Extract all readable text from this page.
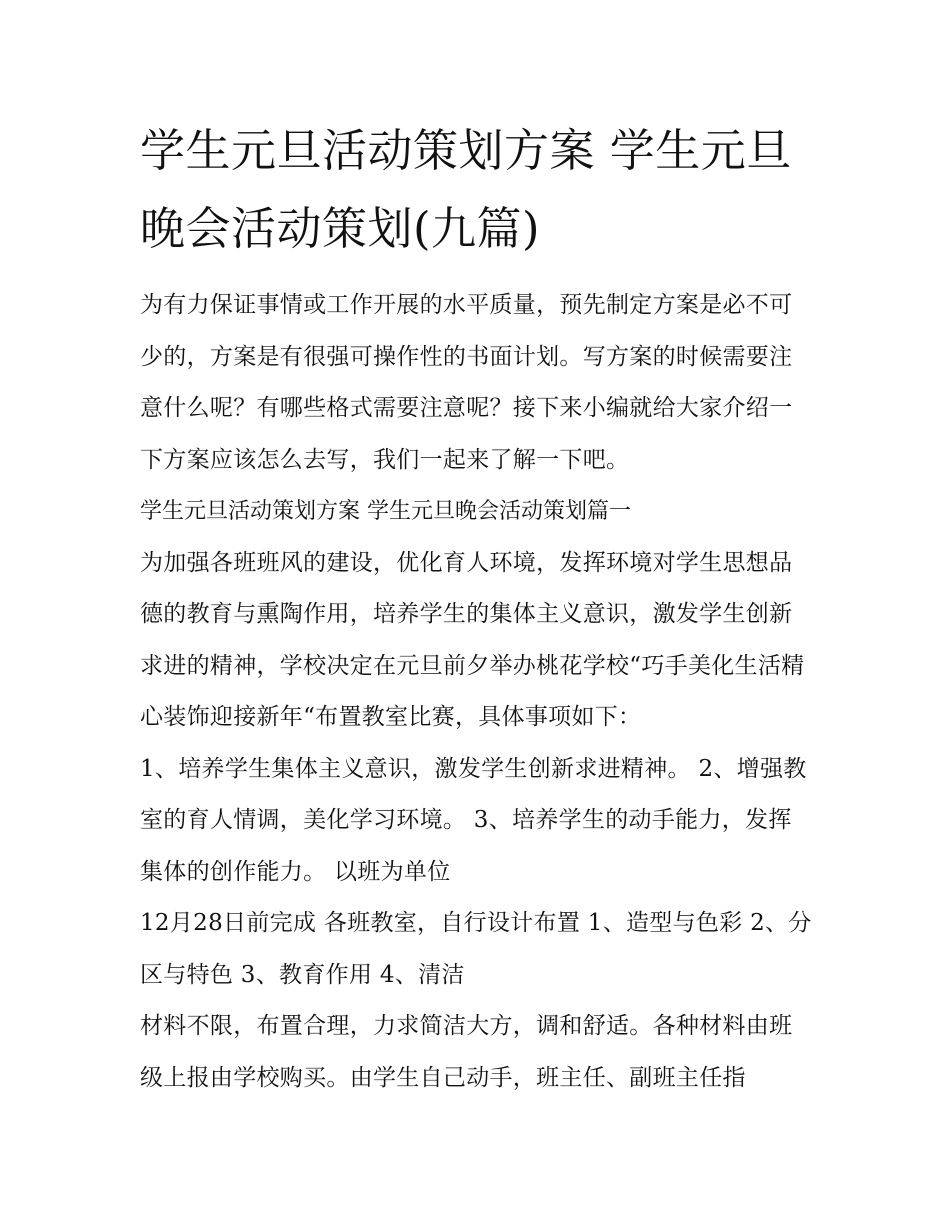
学生元旦活动策划方案 学生元旦晚会活动策划(九篇)

为有力保证事情或工作开展的水平质量，预先制定方案是必不可少的，方案是有很强可操作性的书面计划。写方案的时候需要注意什么呢？有哪些格式需要注意呢？接下来小编就给大家介绍一下方案应该怎么去写，我们一起来了解一下吧。

学生元旦活动策划方案 学生元旦晚会活动策划篇一

为加强各班班风的建设，优化育人环境，发挥环境对学生思想品德的教育与熏陶作用，培养学生的集体主义意识，激发学生创新求进的精神，学校决定在元旦前夕举办桃花学校“巧手美化生活精心装饰迎接新年“布置教室比赛，具体事项如下：

1、培养学生集体主义意识，激发学生创新求进精神。 2、增强教室的育人情调，美化学习环境。 3、培养学生的动手能力，发挥集体的创作能力。 以班为单位

12月28日前完成 各班教室，自行设计布置 1、造型与色彩 2、分区与特色 3、教育作用 4、清洁

材料不限，布置合理，力求简洁大方，调和舒适。各种材料由班级上报由学校购买。由学生自己动手，班主任、副班主任指
